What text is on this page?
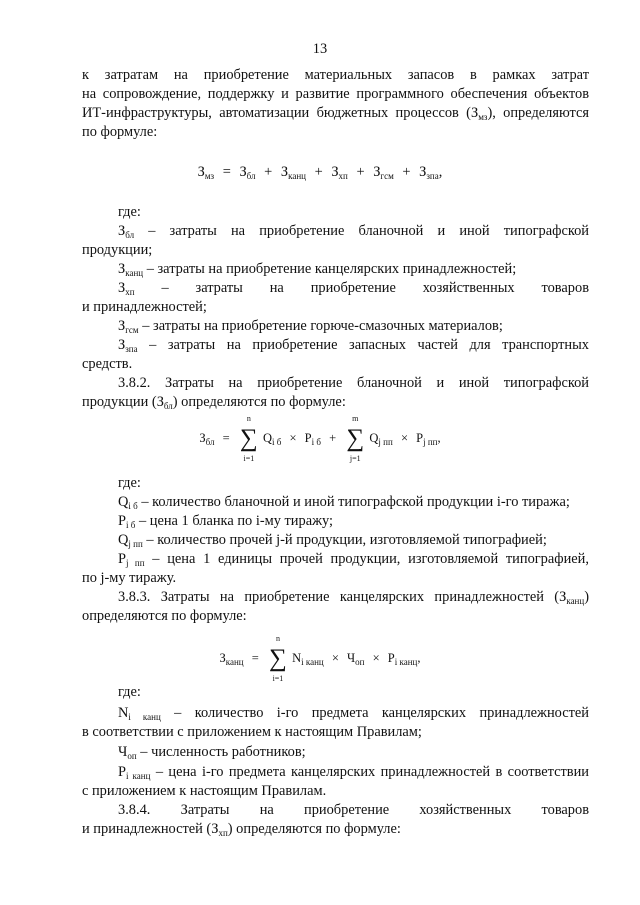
13
к затратам на приобретение материальных запасов в рамках затрат
на сопровождение, поддержку и развитие программного обеспечения объектов
ИТ-инфраструктуры, автоматизации бюджетных процессов $(З_{мз})$, определяются
по формуле:
$З_{мз} = З_{бл} + З_{канц} + З_{хп} + З_{гсм} + З_{зпа}$,
где:
$З_{бл}$ – затраты на приобретение бланочной и иной типографской
продукции;
$З_{канц}$ – затраты на приобретение канцелярских принадлежностей;
$З_{хп}$ – затраты на приобретение хозяйственных товаров
и принадлежностей;
$З_{гсм}$ – затраты на приобретение горюче-смазочных материалов;
$З_{зпа}$ – затраты на приобретение запасных частей для транспортных
средств.
3.8.2. Затраты на приобретение бланочной и иной типографской
продукции $(З_{бл})$ определяются по формуле:
$З_{бл}$ =
n
∑
i=1
$Q_{i б} \times P_{i б}$ +
m
∑
j=1
$Q_{j пп} \times P_{j пп}$,
где:
$Q_{i б}$ – количество бланочной и иной типографской продукции i-го тиража;
$P_{i б}$ – цена 1 бланка по i-му тиражу;
$Q_{j пп}$ – количество прочей j-й продукции, изготовляемой типографией;
$P_{j пп}$ – цена 1 единицы прочей продукции, изготовляемой типографией,
по j-му тиражу.
3.8.3. Затраты на приобретение канцелярских принадлежностей $(З_{канц})$
определяются по формуле:
$З_{канц}$ =
n
∑
i=1
$N_{i канц} \times Ч_{оп} \times P_{i канц}$,
где:
$N_{i канц}$ – количество i-го предмета канцелярских принадлежностей
в соответствии с приложением к настоящим Правилам;
$Ч_{оп}$ – численность работников;
$P_{i канц}$ – цена i-го предмета канцелярских принадлежностей в соответствии
с приложением к настоящим Правилам.
3.8.4. Затраты на приобретение хозяйственных товаров
и принадлежностей $(З_{хп})$ определяются по формуле:
